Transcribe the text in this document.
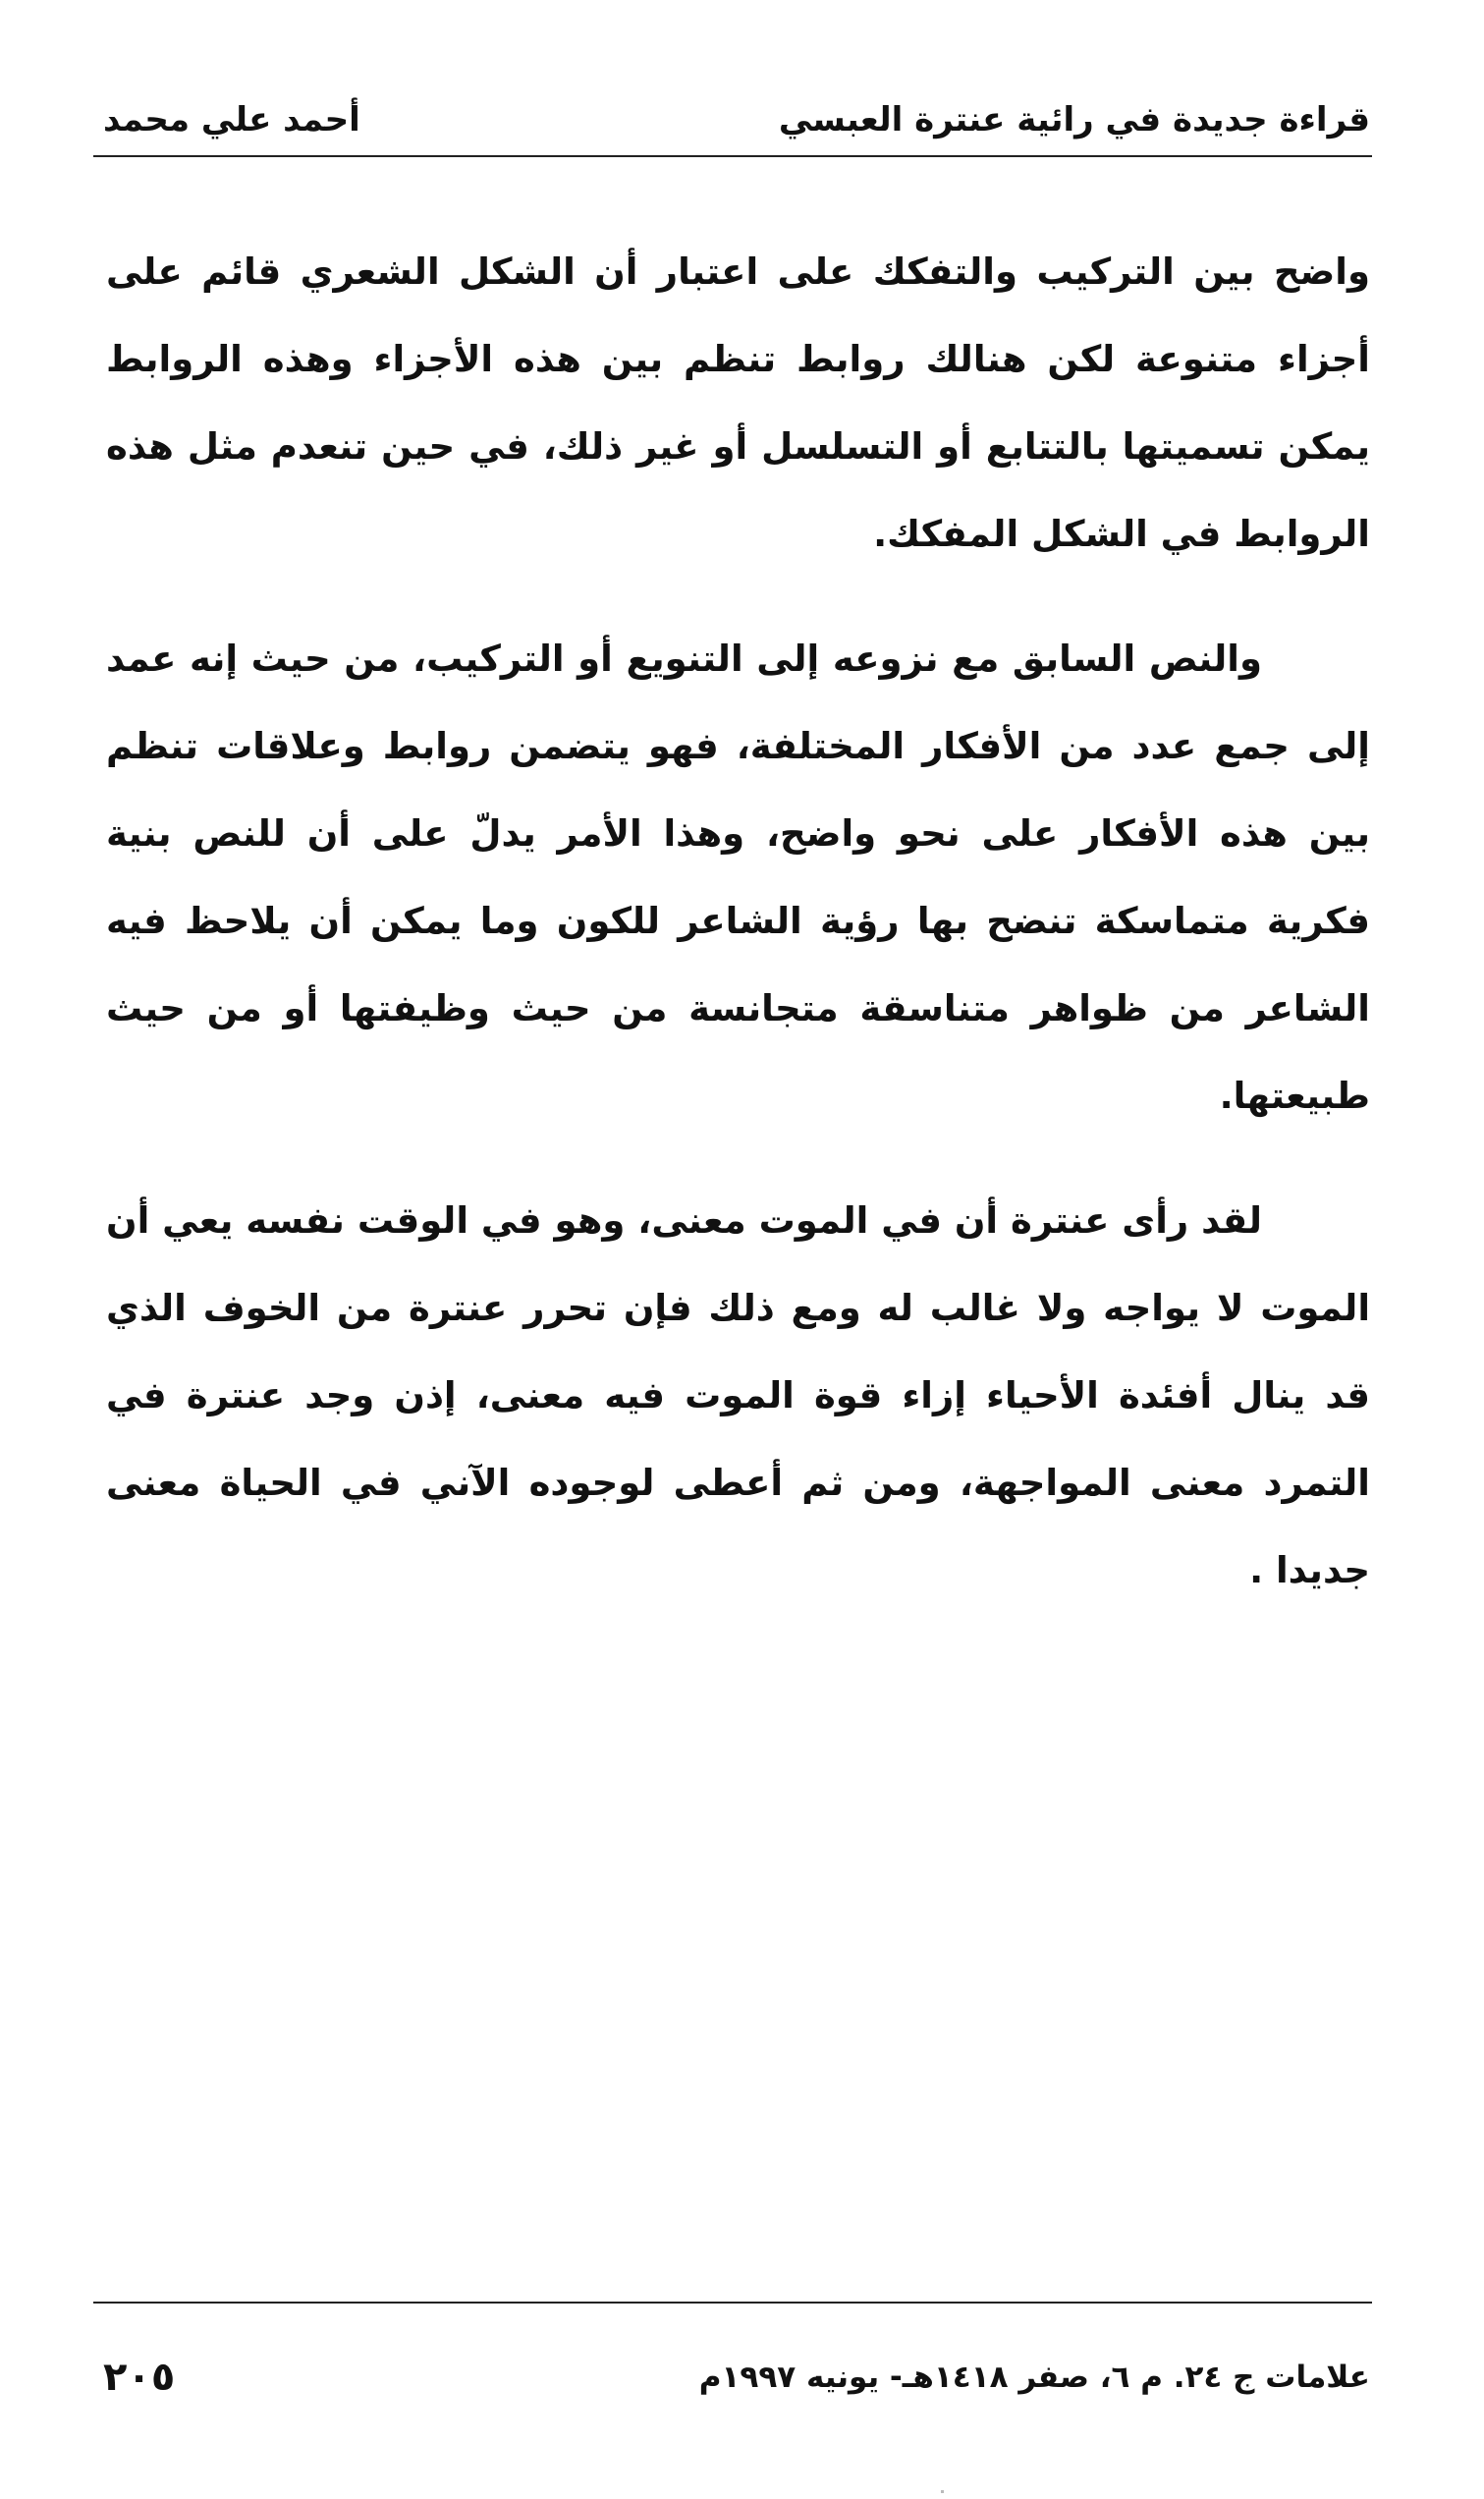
قراءة جديدة في رائية عنترة العبسي
أحمد علي محمد

واضح بين التركيب والتفكك على اعتبار أن الشكل الشعري قائم على أجزاء متنوعة لكن هنالك روابط تنظم بين هذه الأجزاء وهذه الروابط يمكن تسميتها بالتتابع أو التسلسل أو غير ذلك، في حين تنعدم مثل هذه الروابط في الشكل المفكك.

والنص السابق مع نزوعه إلى التنويع أو التركيب، من حيث إنه عمد إلى جمع عدد من الأفكار المختلفة، فهو يتضمن روابط وعلاقات تنظم بين هذه الأفكار على نحو واضح، وهذا الأمر يدلّ على أن للنص بنية فكرية متماسكة تنضح بها رؤية الشاعر للكون وما يمكن أن يلاحظ فيه الشاعر من ظواهر متناسقة متجانسة من حيث وظيفتها أو من حيث طبيعتها.

لقد رأى عنترة أن في الموت معنى، وهو في الوقت نفسه يعي أن الموت لا يواجه ولا غالب له ومع ذلك فإن تحرر عنترة من الخوف الذي قد ينال أفئدة الأحياء إزاء قوة الموت فيه معنى، إذن وجد عنترة في التمرد معنى المواجهة، ومن ثم أعطى لوجوده الآني في الحياة معنى جديدا .

علامات ج ٢٤. م ٦، صفر ١٤١٨هـ- يونيه ١٩٩٧م
٢٠٥
